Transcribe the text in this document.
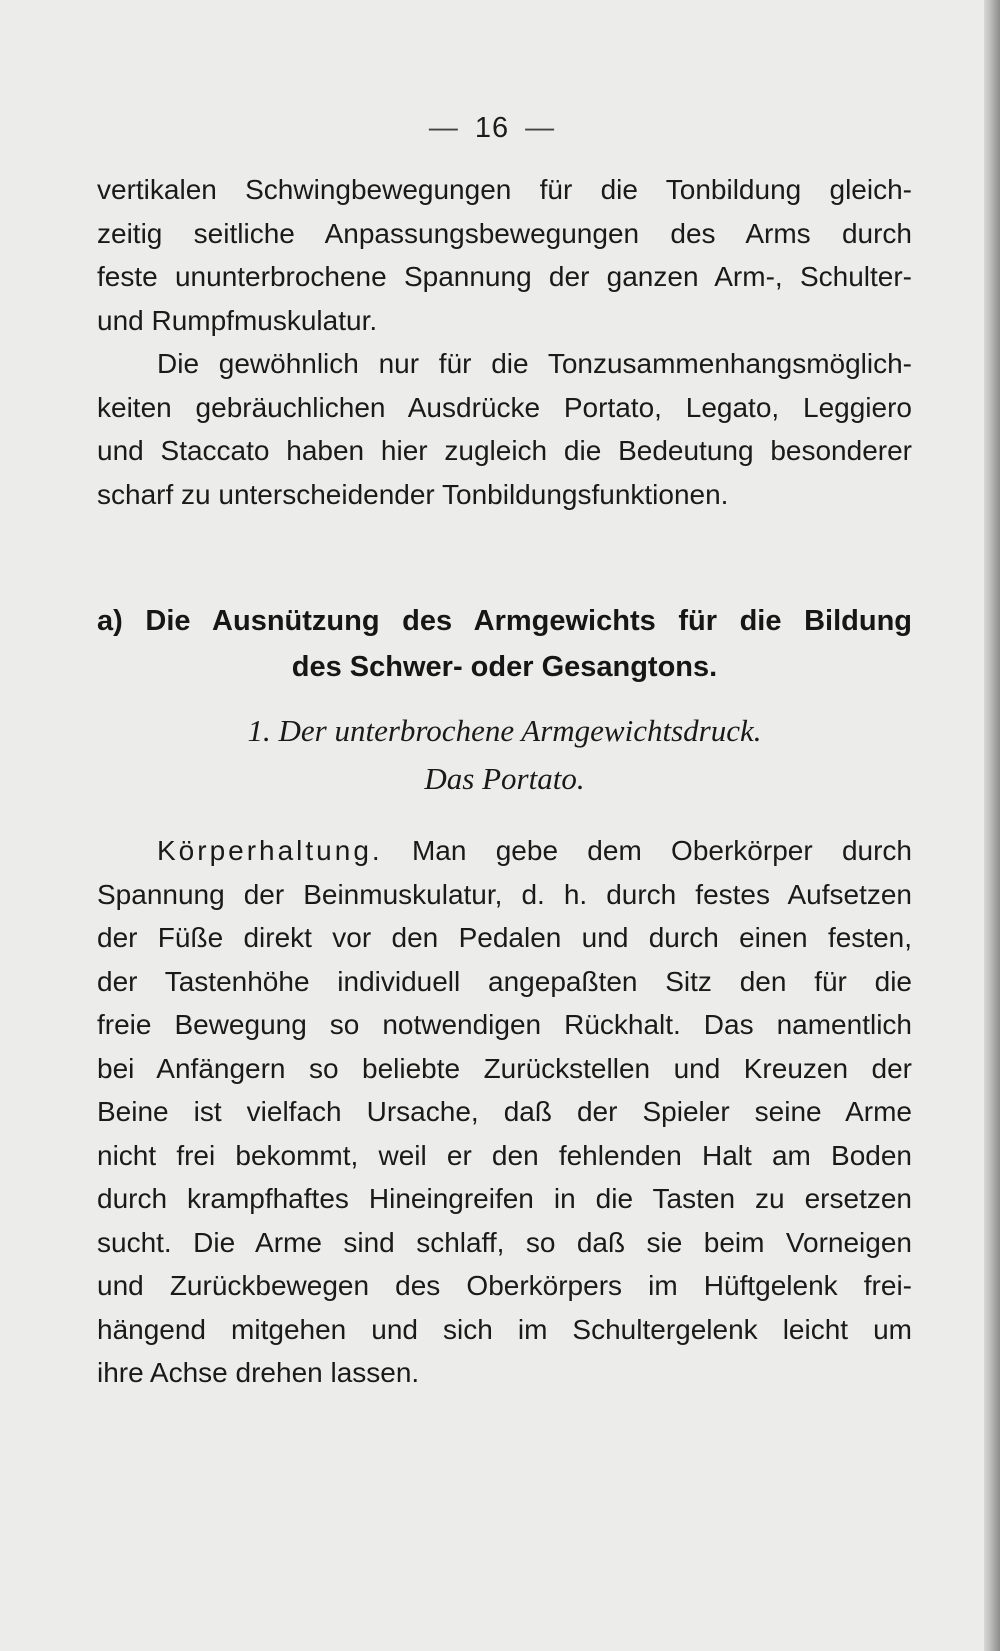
— 16 —
vertikalen Schwingbewegungen für die Tonbildung gleich-
zeitig seitliche Anpassungsbewegungen des Arms durch
feste ununterbrochene Spannung der ganzen Arm-, Schulter-
und Rumpfmuskulatur.
Die gewöhnlich nur für die Tonzusammenhangsmöglich-
keiten gebräuchlichen Ausdrücke Portato, Legato, Leggiero
und Staccato haben hier zugleich die Bedeutung besonderer
scharf zu unterscheidender Tonbildungsfunktionen.
a) Die Ausnützung des Armgewichts für die Bildung
des Schwer- oder Gesangtons.
1. Der unterbrochene Armgewichtsdruck.
Das Portato.
Körperhaltung. Man gebe dem Oberkörper durch
Spannung der Beinmuskulatur, d. h. durch festes Aufsetzen
der Füße direkt vor den Pedalen und durch einen festen,
der Tastenhöhe individuell angepaßten Sitz den für die
freie Bewegung so notwendigen Rückhalt. Das namentlich
bei Anfängern so beliebte Zurückstellen und Kreuzen der
Beine ist vielfach Ursache, daß der Spieler seine Arme
nicht frei bekommt, weil er den fehlenden Halt am Boden
durch krampfhaftes Hineingreifen in die Tasten zu ersetzen
sucht. Die Arme sind schlaff, so daß sie beim Vorneigen
und Zurückbewegen des Oberkörpers im Hüftgelenk frei-
hängend mitgehen und sich im Schultergelenk leicht um
ihre Achse drehen lassen.
